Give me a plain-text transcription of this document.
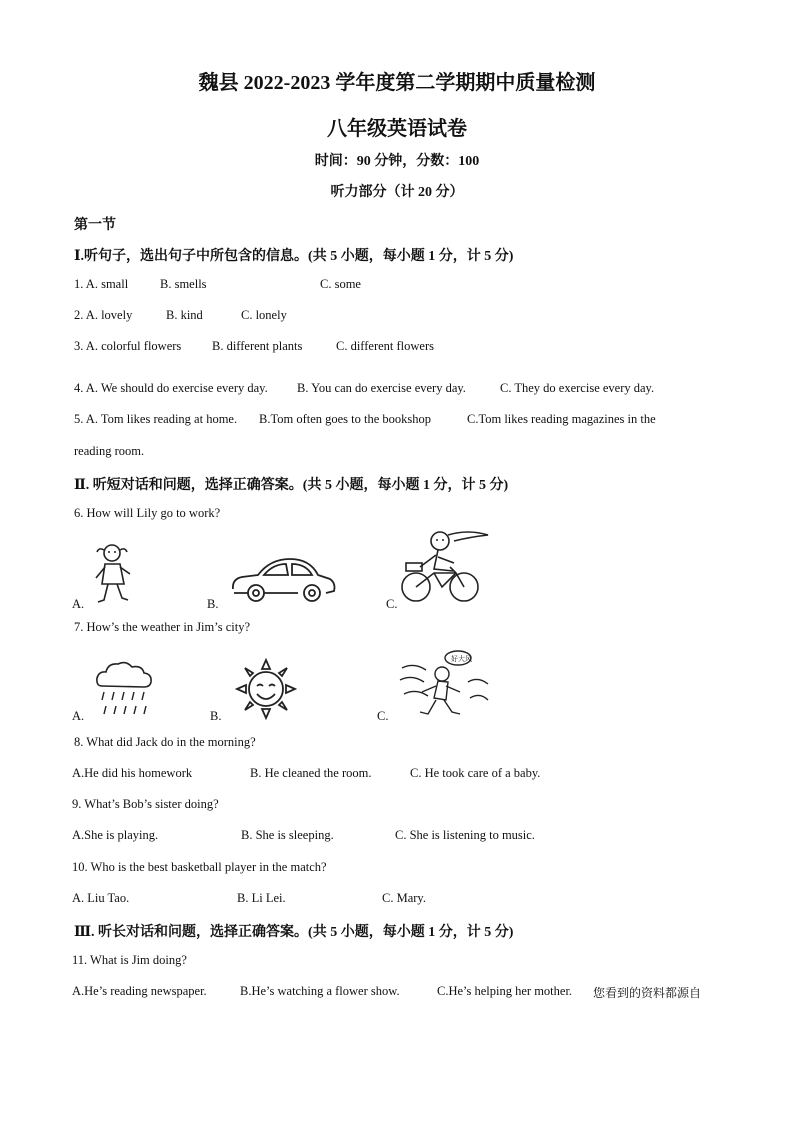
魏县 2022-2023 学年度第二学期期中质量检测
八年级英语试卷
时间：90 分钟，分数：100
听力部分（计 20 分）
第一节
Ⅰ.听句子，选出句子中所包含的信息。(共 5 小题，每小题 1 分，计 5 分)
1. A. small	B. smells	C. some
2. A. lovely	B. kind	C. lonely
3. A. colorful flowers B. different plants	C. different flowers
4. A. We should do exercise every day. B. You can do exercise every day.	C. They do exercise every day.
5. A. Tom likes reading at home. B.Tom often goes to the bookshop	C.Tom likes reading magazines in the
reading room.
Ⅱ. 听短对话和问题，选择正确答案。(共 5 小题，每小题 1 分，计 5 分)
6. How will Lily go to work?
A.	B.	C.
7. How’s the weather in Jim’s city?
A.	B.	C.
好大风
8. What did Jack do in the morning?
A.He did his homework	B. He cleaned the room.	C. He took care of a baby.
9. What’s Bob’s sister doing?
A.She is playing.	B. She is sleeping.	C. She is listening to music.
10. Who is the best basketball player in the match?
A. Liu Tao.	B. Li Lei.	C. Mary.
Ⅲ. 听长对话和问题，选择正确答案。(共 5 小题，每小题 1 分，计 5 分)
11. What is Jim doing?
A.He’s reading newspaper.	B.He’s watching a flower show.	C.He’s helping her mother. 您看到的资料都源自
